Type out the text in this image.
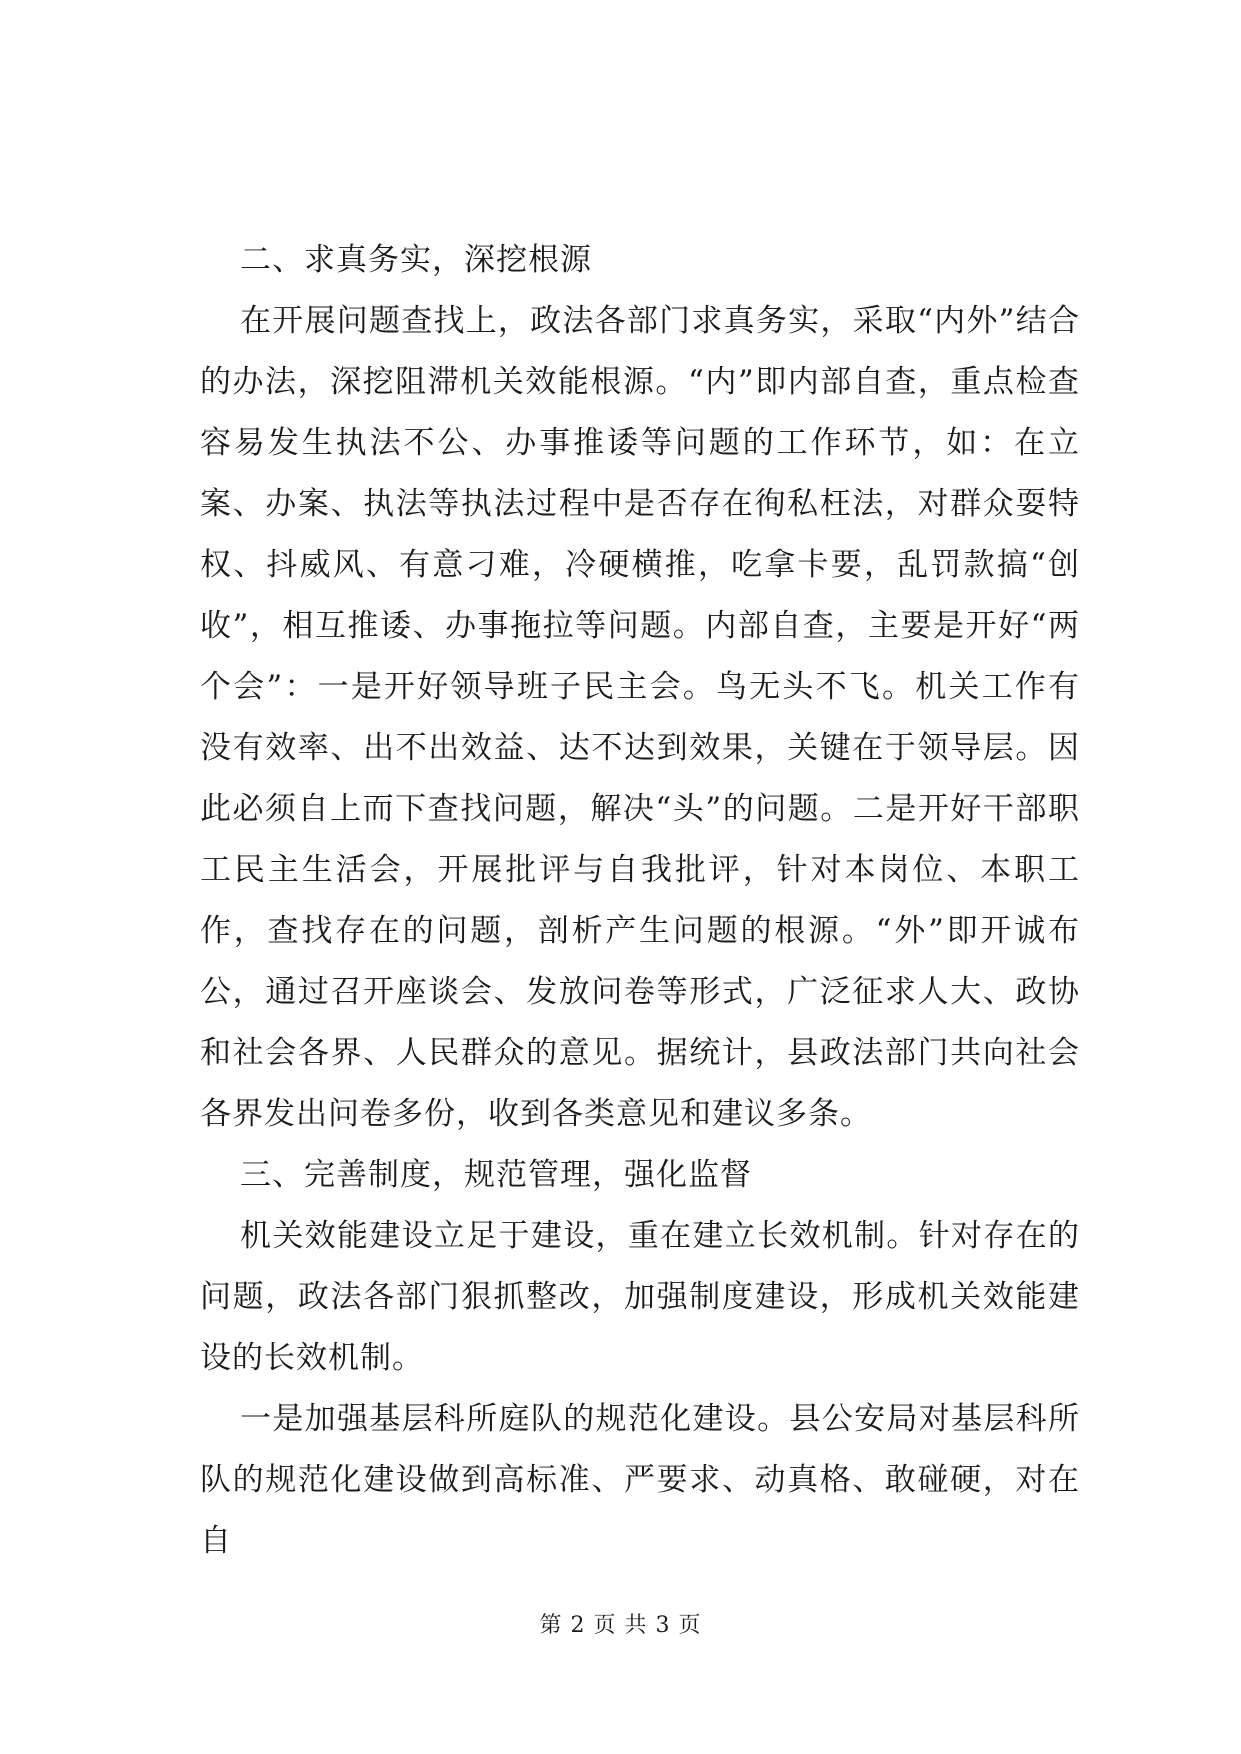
二、求真务实，深挖根源

在开展问题查找上，政法各部门求真务实，采取“内外”结合的办法，深挖阻滞机关效能根源。“内”即内部自查，重点检查容易发生执法不公、办事推诿等问题的工作环节，如：在立案、办案、执法等执法过程中是否存在徇私枉法，对群众耍特权、抖威风、有意刁难，冷硬横推，吃拿卡要，乱罚款搞“创收”，相互推诿、办事拖拉等问题。内部自查，主要是开好“两个会”：一是开好领导班子民主会。鸟无头不飞。机关工作有没有效率、出不出效益、达不达到效果，关键在于领导层。因此必须自上而下查找问题，解决“头”的问题。二是开好干部职工民主生活会，开展批评与自我批评，针对本岗位、本职工作，查找存在的问题，剖析产生问题的根源。“外”即开诚布公，通过召开座谈会、发放问卷等形式，广泛征求人大、政协和社会各界、人民群众的意见。据统计，县政法部门共向社会各界发出问卷多份，收到各类意见和建议多条。

三、完善制度，规范管理，强化监督

机关效能建设立足于建设，重在建立长效机制。针对存在的问题，政法各部门狠抓整改，加强制度建设，形成机关效能建设的长效机制。

一是加强基层科所庭队的规范化建设。县公安局对基层科所队的规范化建设做到高标准、严要求、动真格、敢碰硬，对在自

第 2 页 共 3 页
